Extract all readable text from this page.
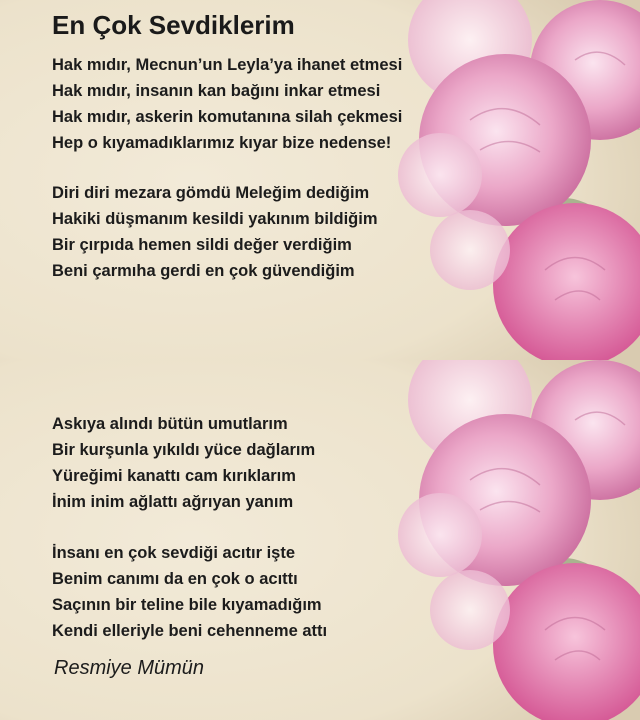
En Çok Sevdiklerim
Hak mıdır, Mecnun’un Leyla’ya ihanet etmesi
Hak mıdır, insanın kan bağını inkar etmesi
Hak mıdır, askerin komutanına silah çekmesi
Hep o kıyamadıklarımız kıyar bize nedense!
Diri diri mezara gömdü Meleğim dediğim
Hakiki düşmanım kesildi yakınım bildiğim
Bir çırpıda hemen sildi değer verdiğim
Beni çarmıha gerdi en çok güvendiğim
Askıya alındı bütün umutlarım
Bir kurşunla yıkıldı yüce dağlarım
Yüreğimi kanattı cam kırıklarım
İnim inim ağlattı ağrıyan yanım
İnsanı en çok sevdiği acıtır işte
Benim canımı da en çok o acıttı
Saçının bir teline bile kıyamadığım
Kendi elleriyle beni cehenneme attı
Resmiye Mümün
